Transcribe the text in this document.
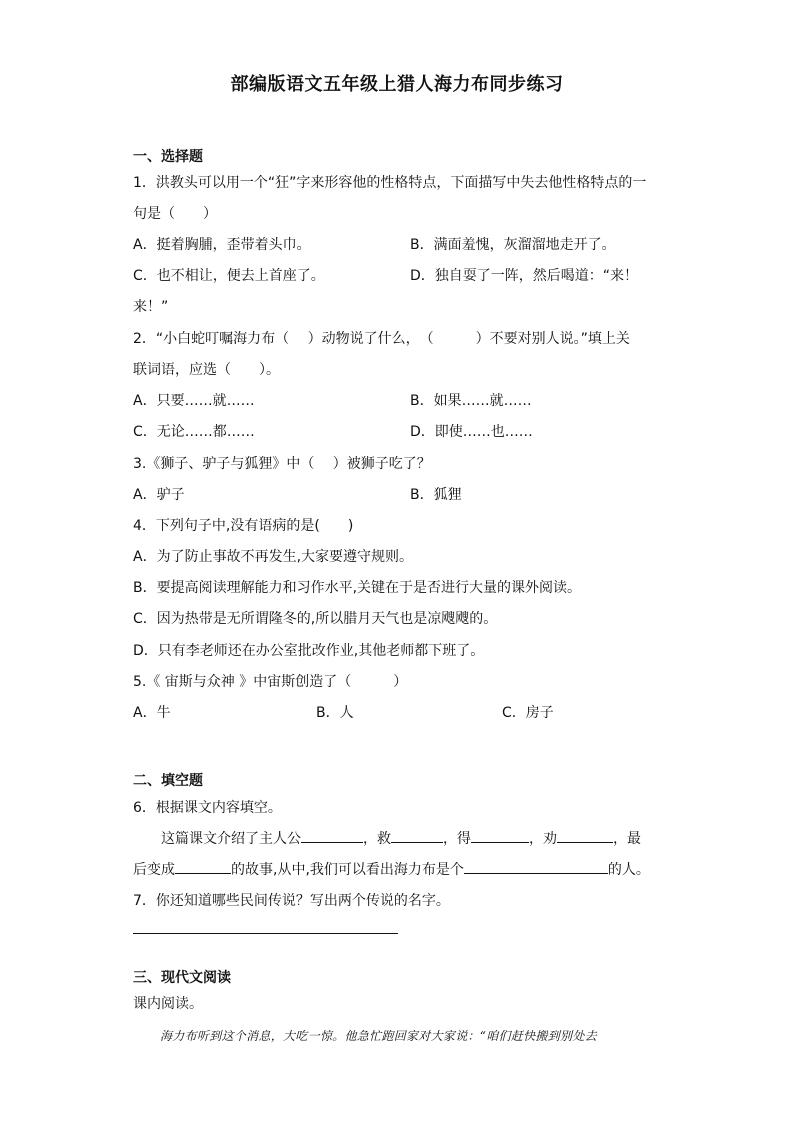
部编版语文五年级上猎人海力布同步练习
一、选择题
1．洪教头可以用一个“狂”字来形容他的性格特点，下面描写中失去他性格特点的一
句是（　　）
A．挺着胸脯，歪带着头巾。	B．满面羞愧，灰溜溜地走开了。
C．也不相让，便去上首座了。	D．独自耍了一阵，然后喝道：“来！
来！”
2．“小白蛇叮嘱海力布（　 ）动物说了什么，　（　　　）不要对别人说。”填上关
联词语，应选（　　）。
A．只要……就……	B．如果……就……
C．无论……都……	D．即使……也……
3.《狮子、驴子与狐狸》中（　 ）被狮子吃了？
A．驴子	B．狐狸
4．下列句子中,没有语病的是(　　)
A．为了防止事故不再发生,大家要遵守规则。
B．要提高阅读理解能力和习作水平,关键在于是否进行大量的课外阅读。
C．因为热带是无所谓隆冬的,所以腊月天气也是凉飕飕的。
D．只有李老师还在办公室批改作业,其他老师都下班了。
5.《 宙斯与众神 》中宙斯创造了（　　　）
A．牛	B．人	C．房子
二、填空题
6．根据课文内容填空。
这篇课文介绍了主人公	，救	，得	，劝	，最
后变成	的故事,从中,我们可以看出海力布是个	的人。
7．你还知道哪些民间传说？写出两个传说的名字。
三、现代文阅读
课内阅读。
海力布听到这个消息，大吃一惊。他急忙跑回家对大家说：“咱们赶快搬到别处去
